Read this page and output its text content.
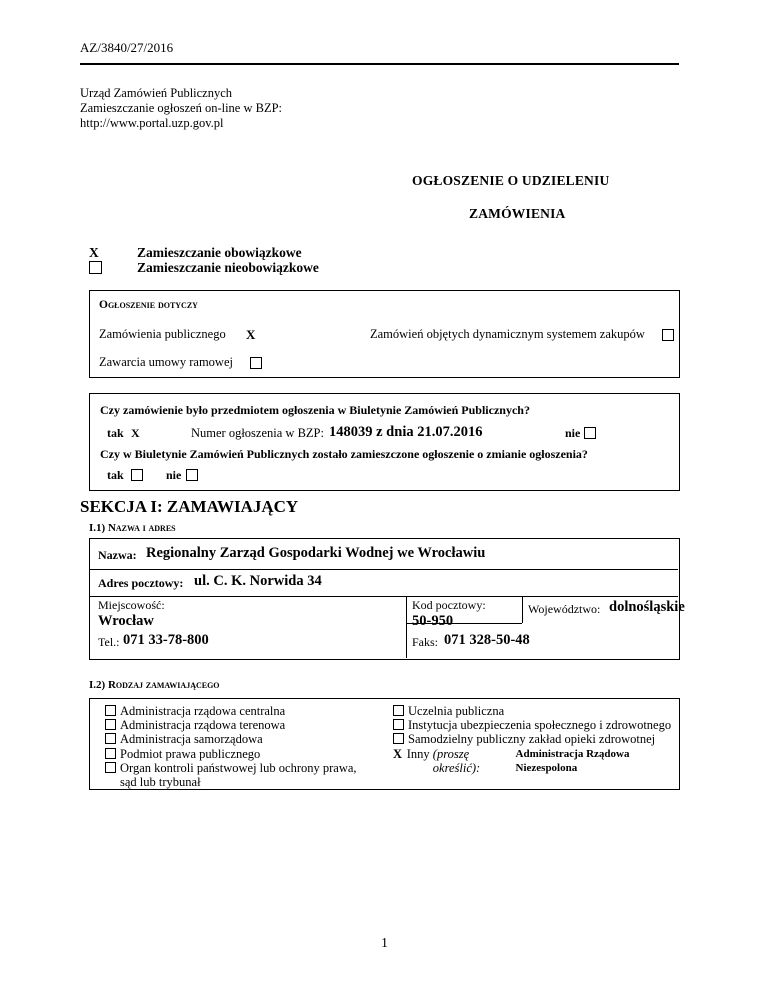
AZ/3840/27/2016
Urząd Zamówień Publicznych
Zamieszczanie ogłoszeń on-line w BZP:
http://www.portal.uzp.gov.pl
OGŁOSZENIE O UDZIELENIU
ZAMÓWIENIA
X	Zamieszczanie obowiązkowe
Zamieszczanie nieobowiązkowe
Ogłoszenie dotyczy
Zamówienia publicznego X	Zamówień objętych dynamicznym systemem zakupów
Zawarcia umowy ramowej
Czy zamówienie było przedmiotem ogłoszenia w Biuletynie Zamówień Publicznych?
tak X	Numer ogłoszenia w BZP: 148039 z dnia 21.07.2016	nie
Czy w Biuletynie Zamówień Publicznych zostało zamieszczone ogłoszenie o zmianie ogłoszenia?
tak	nie
SEKCJA I: ZAMAWIAJĄCY
I.1) Nazwa i adres
Nazwa: Regionalny Zarząd Gospodarki Wodnej we Wrocławiu
Adres pocztowy: ul. C. K. Norwida 34
Miejscowość:
Wrocław
Kod pocztowy:
50-950
Województwo: dolnośląskie
Tel.: 071 33-78-800	Faks: 071 328-50-48
I.2) Rodzaj zamawiającego
Administracja rządowa centralna
Administracja rządowa terenowa
Administracja samorządowa
Podmiot prawa publicznego
Organ kontroli państwowej lub ochrony prawa,
sąd lub trybunał
Uczelnia publiczna
Instytucja ubezpieczenia społecznego i zdrowotnego
Samodzielny publiczny zakład opieki zdrowotnej
X Inny
(proszę określić):

Administracja Rządowa Niezespolona
1
